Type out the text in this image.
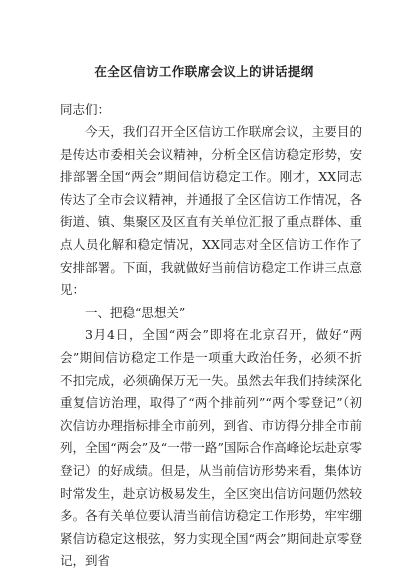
在全区信访工作联席会议上的讲话提纲
同志们：

今天，我们召开全区信访工作联席会议，主要目的是传达市委相关会议精神，分析全区信访稳定形势，安排部署全国“两会”期间信访稳定工作。刚才，XX同志传达了全市会议精神，并通报了全区信访工作情况，各街道、镇、集聚区及区直有关单位汇报了重点群体、重点人员化解和稳定情况，XX同志对全区信访工作作了安排部署。下面，我就做好当前信访稳定工作讲三点意见：

一、把稳“思想关”

3月4日，全国“两会”即将在北京召开，做好“两会”期间信访稳定工作是一项重大政治任务，必须不折不扣完成，必须确保万无一失。虽然去年我们持续深化重复信访治理，取得了“两个排前列”“两个零登记”（初次信访办理指标排全市前列，到省、市访得分排全市前列，全国“两会”及“一带一路”国际合作高峰论坛赴京零登记）的好成绩。但是，从当前信访形势来看，集体访时常发生，赴京访极易发生，全区突出信访问题仍然较多。各有关单位要认清当前信访稳定工作形势，牢牢绷紧信访稳定这根弦，努力实现全国“两会”期间赴京零登记，到省
